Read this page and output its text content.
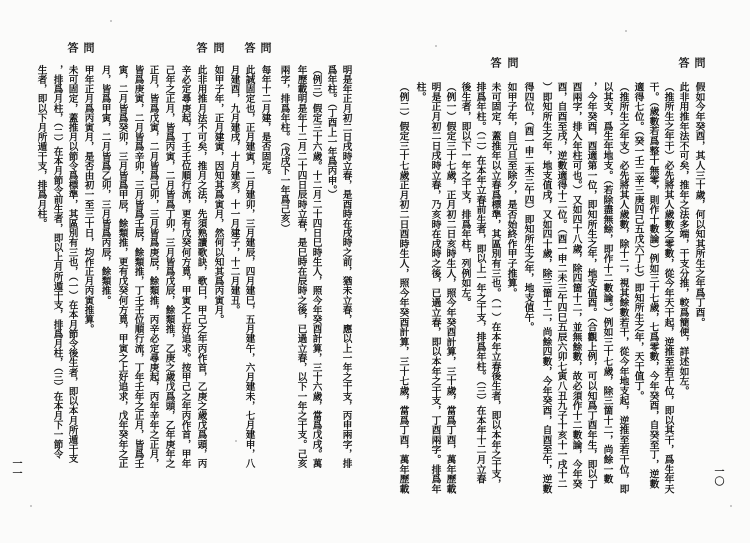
問
答
問
答
問
答
明是年正月初二日戌時立春，是酉時在戌時之前，猶未立春，應以上一年之干支，丙申兩字，排
爲年柱。（丁酉上一年爲丙申。）
（例三）假定三十六歲。十二月二十四日巳時生人，照今年癸酉計算，三十六歲，當爲戊戌。萬
年歷載明是年十二月二十四日辰時立春，是巳時在辰時之後，已過立春，以下一年之干支。己亥
兩字，排爲年柱。（戊戌下一年爲己亥）
每年十二月建，是否固定。
此誠固定也，正月建寅，二月建卯，三月建辰，四月建巳，五月建午，六月建未，七月建申，八
月建酉，九月建戌，十月建亥，十一月建子，十二月建丑。
如甲子年，正月建寅，因知其爲寅月，然何以知其爲丙寅月。
此非用推月法不可矣，推月之法，先須熟讀歌訣，歌曰，甲己之年丙作首，乙庚之歲戊爲頭，丙
辛必定尋庚起，丁壬壬位順行流，更有戊癸何方覓，甲寅之上好追求。按甲己之年丙作首，甲年
己年之正月，皆爲丙寅，二月皆爲丁卯，三月皆爲戊辰，餘類推，乙庚之歲戊爲頭，乙年庚年之
正月，皆爲戊寅，二月皆爲己卯，三月皆爲庚辰，餘類推，丙辛必定尋庚起，丙年辛年之正月，
皆爲庚寅，二月皆爲辛卯，三月皆爲壬辰，餘類推，丁壬壬位順行流，丁年壬年之正月，皆爲壬
寅，二月皆爲癸卯，三月皆爲甲辰，餘類推，更有戊癸何方覓，甲寅之上好追求，戊年癸年之正
月，皆爲甲寅，二月皆爲乙卯，三月皆爲丙辰，餘類推。
甲年正月爲丙寅月，是否由初一至三十日，均作正月丙寅推算。
未可固定，蓋推月以節令爲標準，其區別有三也，（一）在本月節令後生者，即以本月所遁干支
，排爲月柱，（二）在本月節令前生者，即以上月所遁干支，排爲月柱，（三）在本月下一節令
生者，即以下月所遁干支，排爲月柱。
一一
問
答
問
答
假如今年癸酉，其人三十歲，何以知其所生之年爲丁酉。
此非用推年法不可矣，推年之法多端，干支分推，較爲簡便，詳述如左。
（推所生之年干）必先將其人歲數之零數，從今年天干起，逆推至若干位，即以其干，爲生年天
干。（歲數若爲整十無零，則作十數論）例如三十七歲，七爲零數，今年癸酉，自癸至丁，逆數
適得七位。（癸一壬二辛三庚四己五戊六丁七）即知所生之年，天干值丁。
（推所生之年支）必先將其人歲數，除十二，視其餘數若干，從今年地支起，逆推至若干位，即
以其支，爲生年地支。（若除盡無餘，即作十二數論。）例如三十七歲，除三箇十二，尚餘一數
，今年癸酉，酉適第一位，即知所生之年，地支值酉。（合觀上例，可以知爲丁酉年生，即以丁
酉兩字，排入年柱可也。）又如四十八歲，除四箇十二，並無餘數，故必須作十二數論，今年癸
酉，自酉至戌，逆數適得十二位。（酉一申二未三午四巳五辰六卯七寅八丑九子十亥十一戌十二
）即知所生之年，地支值戌，又如四十歲，除三箇十二，尚餘四數，今年癸酉，自酉至午，逆數
得四位，（酉一申二未三午四）即知所生之年，地支值午。
如甲子年，自元旦至除夕，是否始終作甲子推算。
未可固定，蓋推年以立春爲標準，其區別有三也。（一）在本年立春後生者，即以本年之干支，
排爲年柱。（二）在本年立春前生者，即以上一年之干支，排爲年柱。（三）在本年十二月立春
後生者，即以下一年之干支，排爲年柱，列例如左。
（例一）假定三十七歲，正月初二日亥時生人，照今年癸酉計算，三十歲，當爲丁酉，萬年歷載
明是正月初二日戌時立春，乃亥時在戌時之後，已過立春，即以本年之干支，丁酉兩字。排爲年
柱。
（例二）假定三十七歲正月初二日酉時生人，照今年癸酉計算，三十七歲，當爲丁酉，萬年歷載	一〇
